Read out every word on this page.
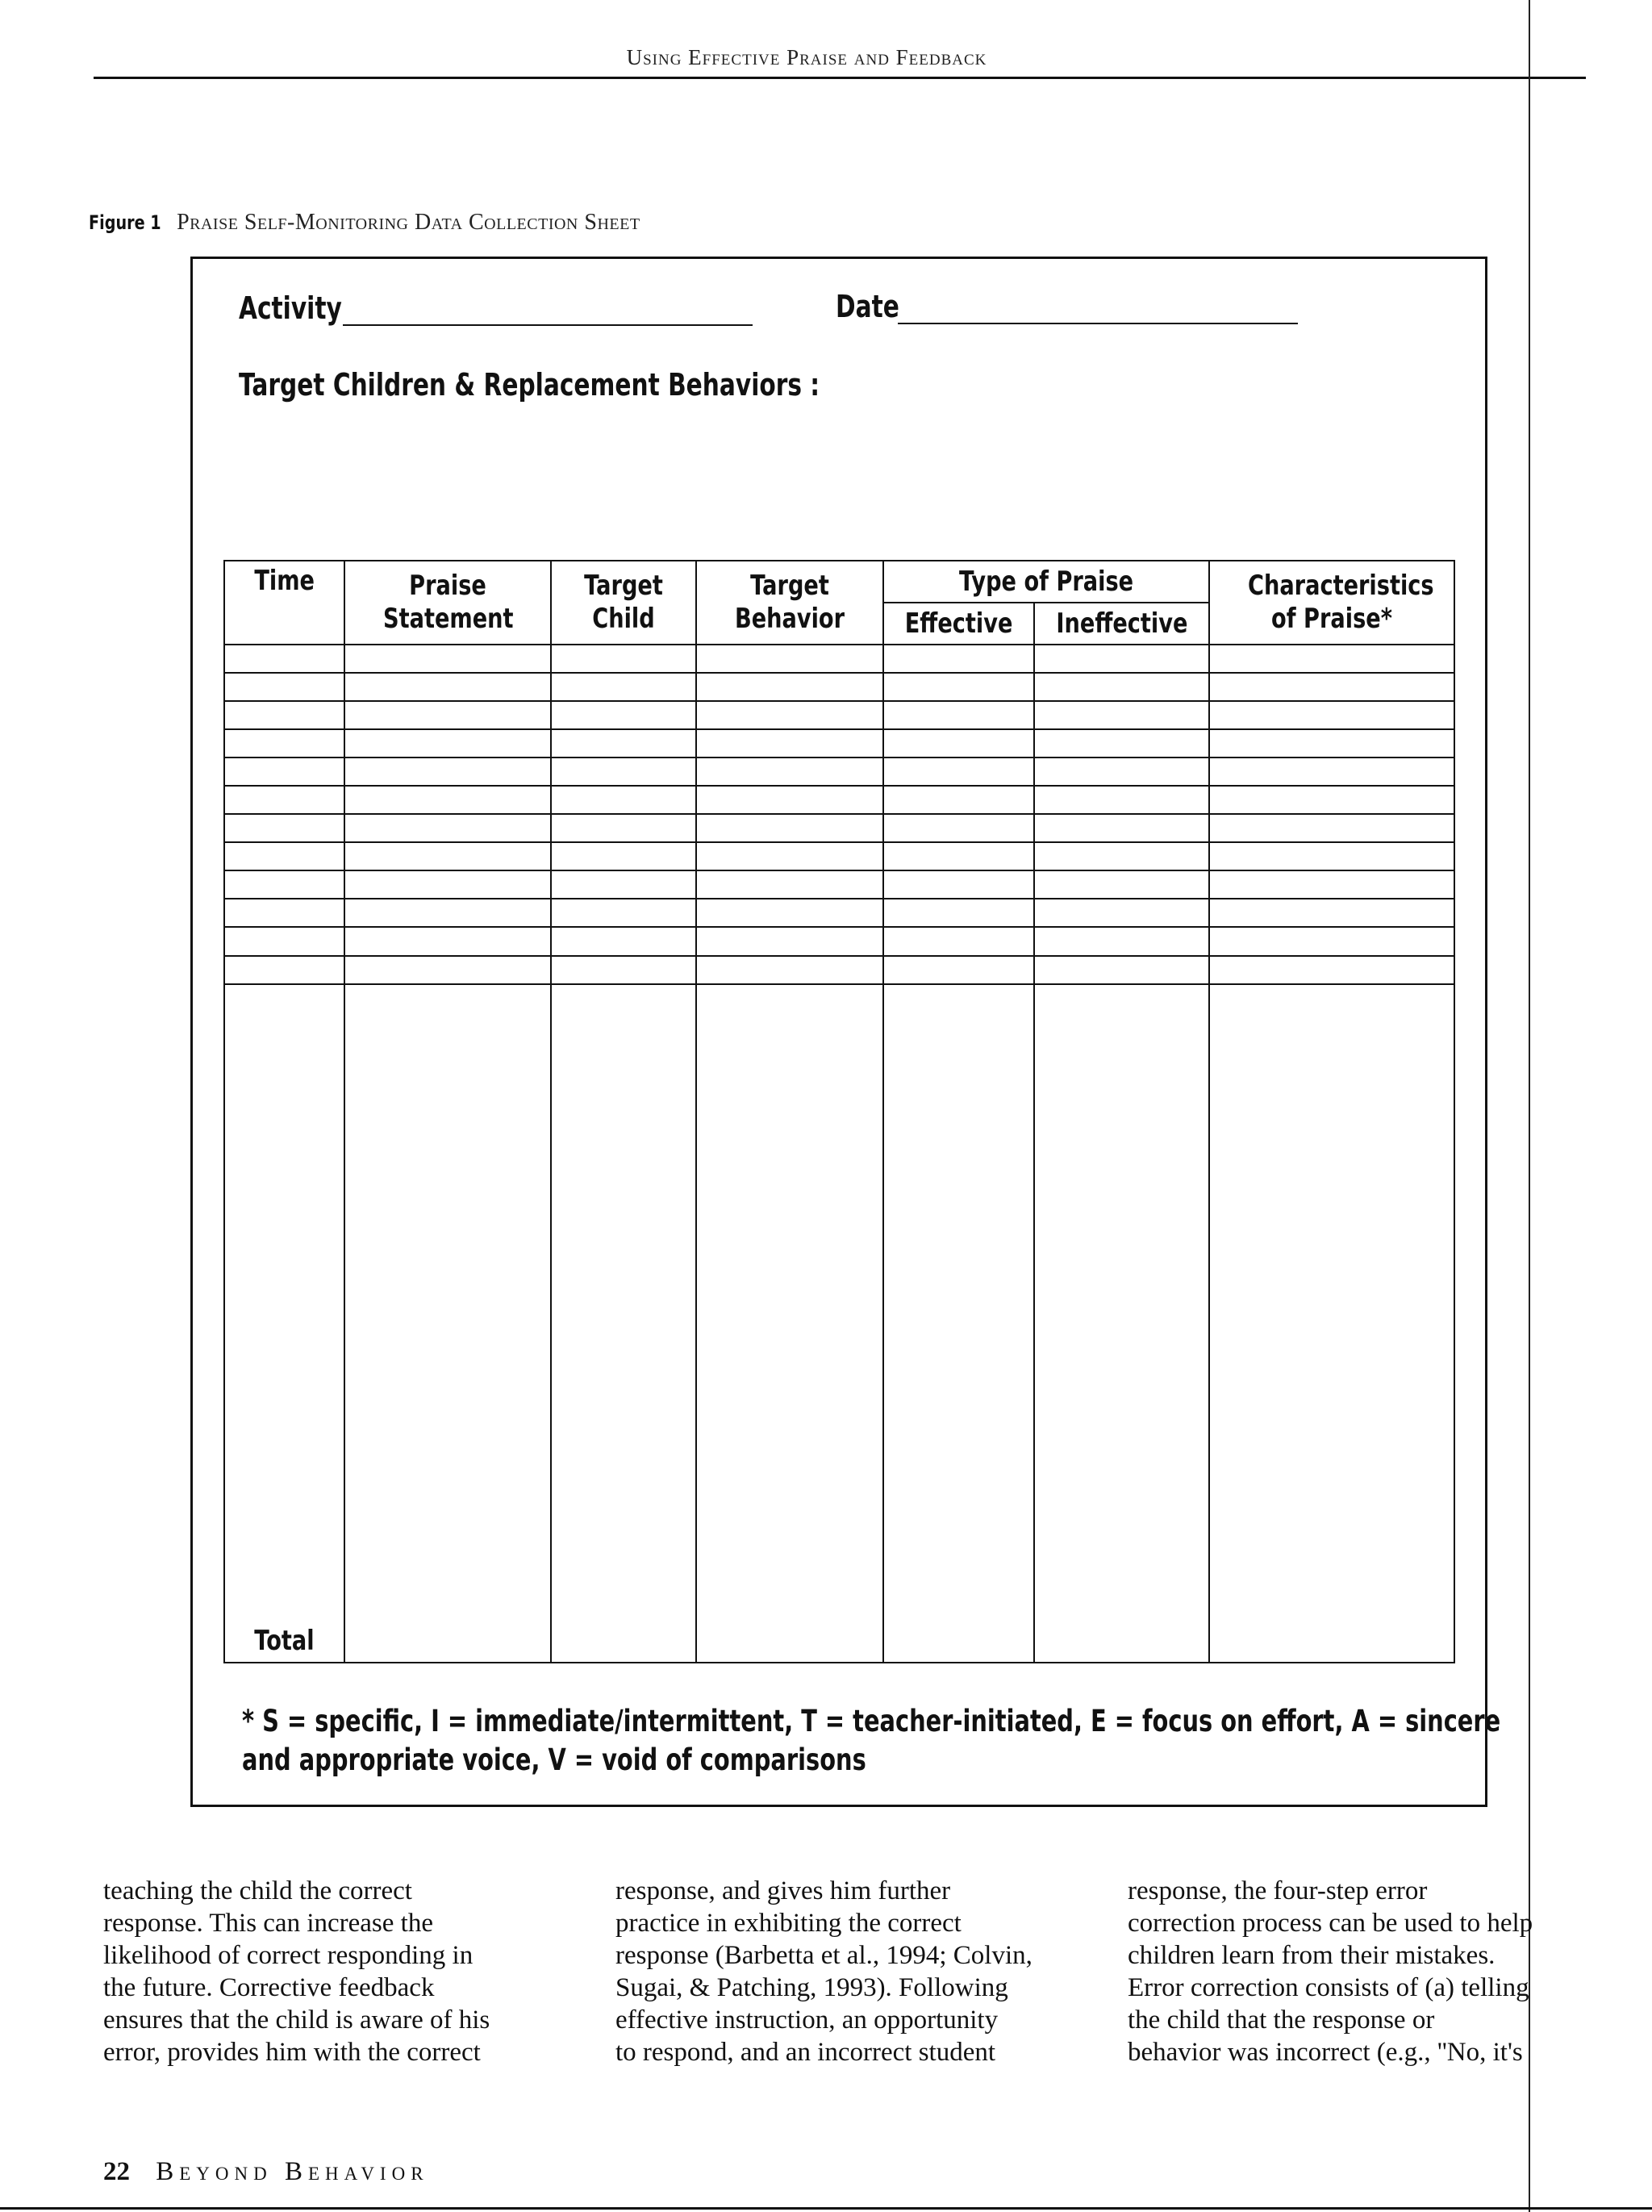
Using Effective Praise and Feedback
Figure 1 Praise Self-Monitoring Data Collection Sheet
Activity	Date
Target Children & Replacement Behaviors :
Time	Praise Statement	Target Child	Target Behavior	Type of Praise		Characteristics of Praise*
				Effective	Ineffective	

Total						
* S = specific, I = immediate/intermittent, T = teacher-initiated, E = focus on effort, A = sincere
and appropriate voice, V = void of comparisons
teaching the child the correct
response. This can increase the
likelihood of correct responding in
the future. Corrective feedback
ensures that the child is aware of his
error, provides him with the correct
response, and gives him further
practice in exhibiting the correct
response (Barbetta et al., 1994; Colvin,
Sugai, & Patching, 1993). Following
effective instruction, an opportunity
to respond, and an incorrect student
response, the four-step error
correction process can be used to help
children learn from their mistakes.
Error correction consists of (a) telling
the child that the response or
behavior was incorrect (e.g., ''No, it's
22 Beyond Behavior
